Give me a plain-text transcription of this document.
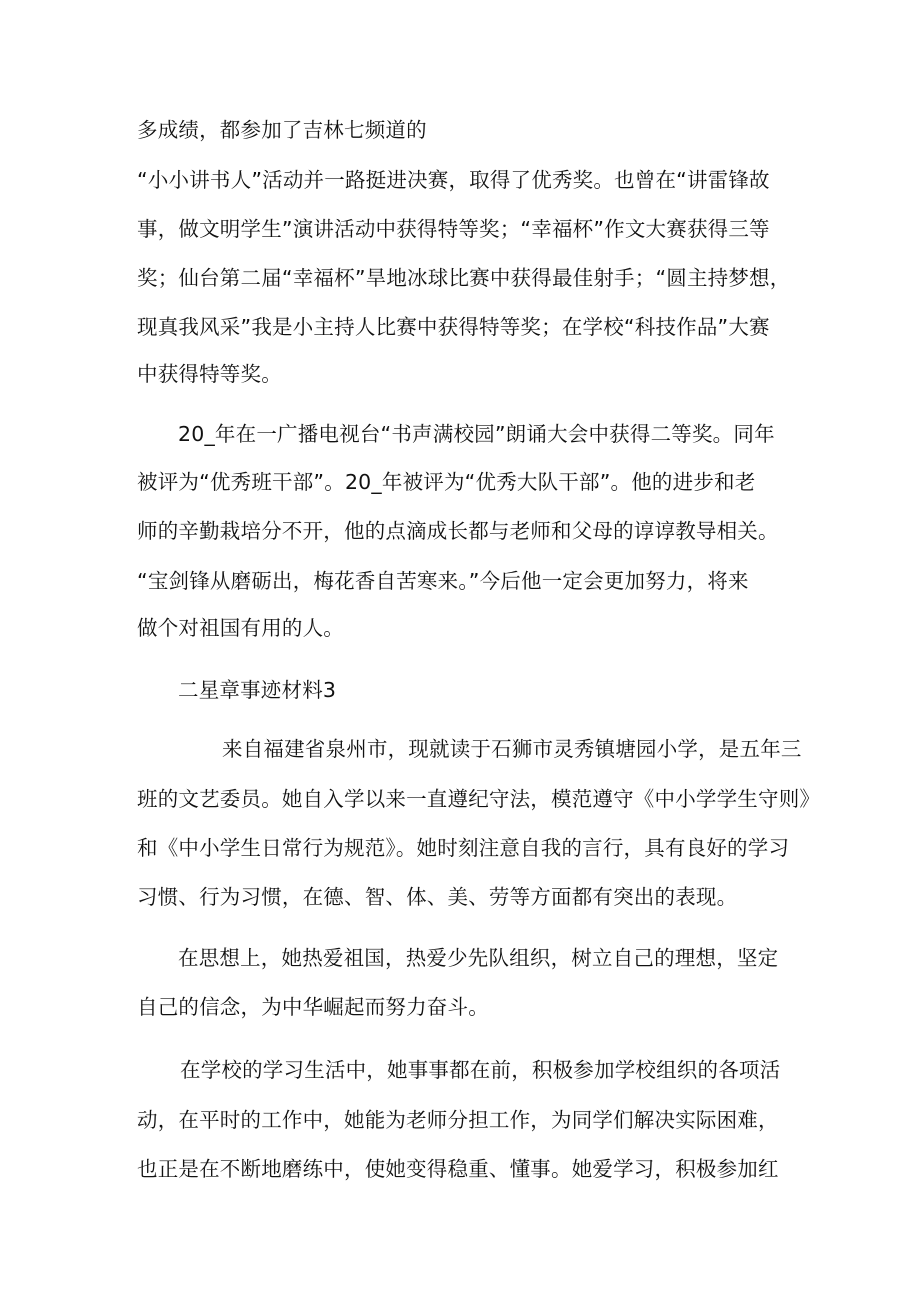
多成绩，都参加了吉林七频道的
“小小讲书人”活动并一路挺进决赛，取得了优秀奖。也曾在“讲雷锋故
事，做文明学生”演讲活动中获得特等奖；“幸福杯”作文大赛获得三等
奖；仙台第二届“幸福杯”旱地冰球比赛中获得最佳射手；“圆主持梦想，
现真我风采”我是小主持人比赛中获得特等奖；在学校“科技作品”大赛
中获得特等奖。
20_年在一广播电视台“书声满校园”朗诵大会中获得二等奖。同年
被评为“优秀班干部”。20_年被评为“优秀大队干部”。他的进步和老
师的辛勤栽培分不开，他的点滴成长都与老师和父母的谆谆教导相关。
“宝剑锋从磨砺出，梅花香自苦寒来。”今后他一定会更加努力，将来
做个对祖国有用的人。
二星章事迹材料3
来自福建省泉州市，现就读于石狮市灵秀镇塘园小学，是五年三
班的文艺委员。她自入学以来一直遵纪守法，模范遵守《中小学学生守则》
和《中小学生日常行为规范》。她时刻注意自我的言行，具有良好的学习
习惯、行为习惯，在德、智、体、美、劳等方面都有突出的表现。
在思想上，她热爱祖国，热爱少先队组织，树立自己的理想，坚定
自己的信念，为中华崛起而努力奋斗。
在学校的学习生活中，她事事都在前，积极参加学校组织的各项活
动，在平时的工作中，她能为老师分担工作，为同学们解决实际困难，
也正是在不断地磨练中，使她变得稳重、懂事。她爱学习，积极参加红
